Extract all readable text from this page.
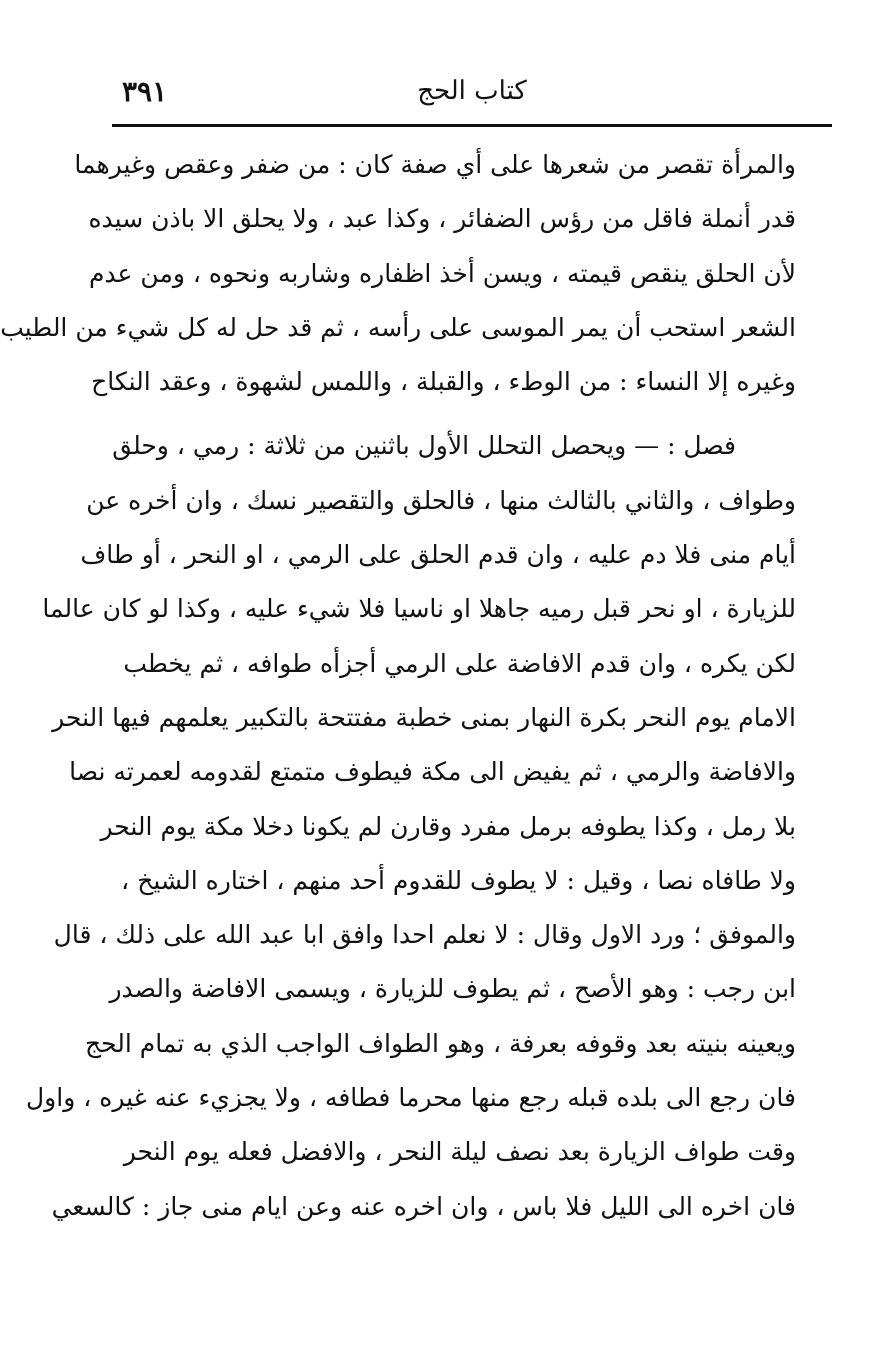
٣٩١	كتاب الحج
والمرأة تقصر من شعرها على أي صفة كان : من ضفر وعقص وغيرهما
قدر أنملة فاقل من رؤس الضفائر ، وكذا عبد ، ولا يحلق الا باذن سيده
لأن الحلق ينقص قيمته ، ويسن أخذ اظفاره وشاربه ونحوه ، ومن عدم
الشعر استحب أن يمر الموسى على رأسه ، ثم قد حل له كل شيء من الطيب
وغيره إلا النساء : من الوطء ، والقبلة ، واللمس لشهوة ، وعقد النكاح
فصل : — ويحصل التحلل الأول باثنين من ثلاثة : رمي ، وحلق
وطواف ، والثاني بالثالث منها ، فالحلق والتقصير نسك ، وان أخره عن
أيام منى فلا دم عليه ، وان قدم الحلق على الرمي ، او النحر ، أو طاف
للزيارة ، او نحر قبل رميه جاهلا او ناسيا فلا شيء عليه ، وكذا لو كان عالما
لكن يكره ، وان قدم الافاضة على الرمي أجزأه طوافه ، ثم يخطب
الامام يوم النحر بكرة النهار بمنى خطبة مفتتحة بالتكبير يعلمهم فيها النحر
والافاضة والرمي ، ثم يفيض الى مكة فيطوف متمتع لقدومه لعمرته نصا
بلا رمل ، وكذا يطوفه برمل مفرد وقارن لم يكونا دخلا مكة يوم النحر
ولا طافاه نصا ، وقيل : لا يطوف للقدوم أحد منهم ، اختاره الشيخ ،
والموفق ؛ ورد الاول وقال : لا نعلم احدا وافق ابا عبد الله على ذلك ، قال
ابن رجب : وهو الأصح ، ثم يطوف للزيارة ، ويسمى الافاضة والصدر
ويعينه بنيته بعد وقوفه بعرفة ، وهو الطواف الواجب الذي به تمام الحج
فان رجع الى بلده قبله رجع منها محرما فطافه ، ولا يجزيء عنه غيره ، واول
وقت طواف الزيارة بعد نصف ليلة النحر ، والافضل فعله يوم النحر
فان اخره الى الليل فلا باس ، وان اخره عنه وعن ايام منى جاز : كالسعي
